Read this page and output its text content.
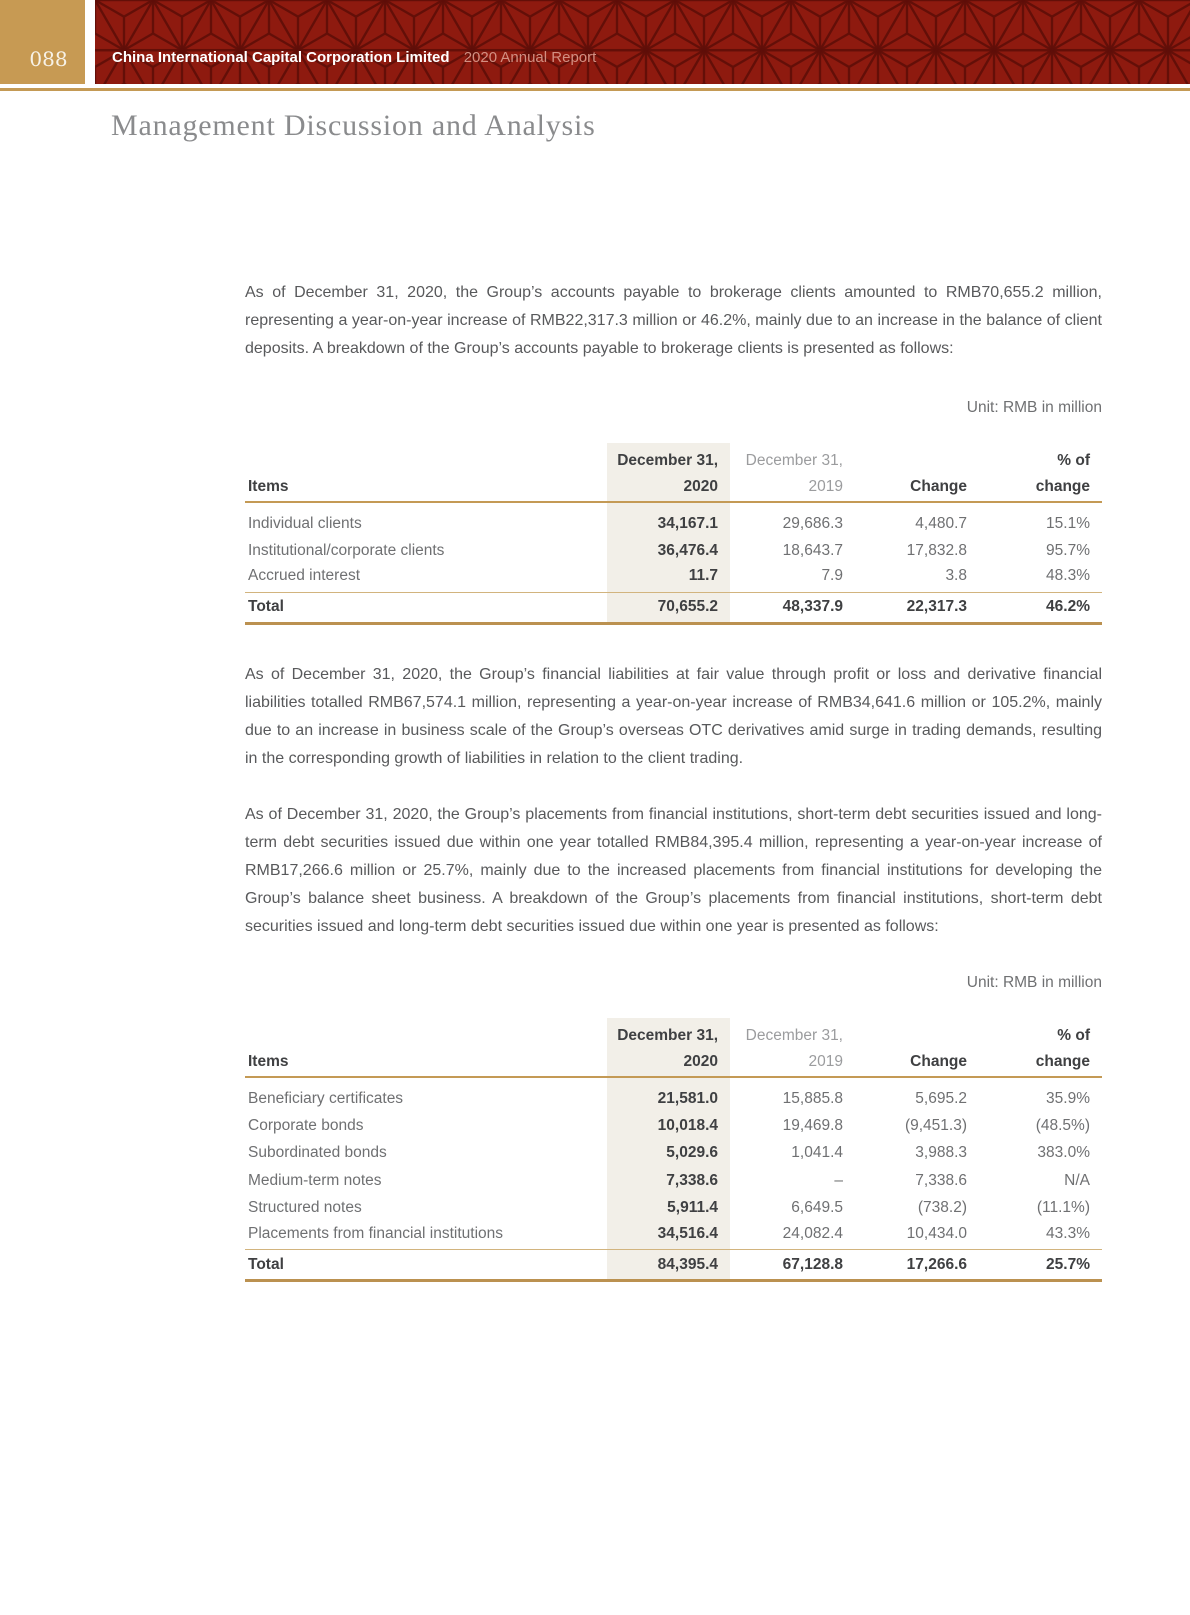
088	China International Capital Corporation Limited 2020 Annual Report
Management Discussion and Analysis

As of December 31, 2020, the Group’s accounts payable to brokerage clients amounted to RMB70,655.2 million, representing a year-on-year increase of RMB22,317.3 million or 46.2%, mainly due to an increase in the balance of client deposits. A breakdown of the Group’s accounts payable to brokerage clients is presented as follows:

Unit: RMB in million
	December 31,	December 31,		% of
Items	2020	2019	Change	change
Individual clients	34,167.1	29,686.3	4,480.7	15.1%
Institutional/corporate clients	36,476.4	18,643.7	17,832.8	95.7%
Accrued interest	11.7	7.9	3.8	48.3%
Total	70,655.2	48,337.9	22,317.3	46.2%

As of December 31, 2020, the Group’s financial liabilities at fair value through profit or loss and derivative financial liabilities totalled RMB67,574.1 million, representing a year-on-year increase of RMB34,641.6 million or 105.2%, mainly due to an increase in business scale of the Group’s overseas OTC derivatives amid surge in trading demands, resulting in the corresponding growth of liabilities in relation to the client trading.

As of December 31, 2020, the Group’s placements from financial institutions, short-term debt securities issued and long-term debt securities issued due within one year totalled RMB84,395.4 million, representing a year-on-year increase of RMB17,266.6 million or 25.7%, mainly due to the increased placements from financial institutions for developing the Group’s balance sheet business. A breakdown of the Group’s placements from financial institutions, short-term debt securities issued and long-term debt securities issued due within one year is presented as follows:

Unit: RMB in million
	December 31,	December 31,		% of
Items	2020	2019	Change	change
Beneficiary certificates	21,581.0	15,885.8	5,695.2	35.9%
Corporate bonds	10,018.4	19,469.8	(9,451.3)	(48.5%)
Subordinated bonds	5,029.6	1,041.4	3,988.3	383.0%
Medium-term notes	7,338.6	–	7,338.6	N/A
Structured notes	5,911.4	6,649.5	(738.2)	(11.1%)
Placements from financial institutions	34,516.4	24,082.4	10,434.0	43.3%
Total	84,395.4	67,128.8	17,266.6	25.7%
